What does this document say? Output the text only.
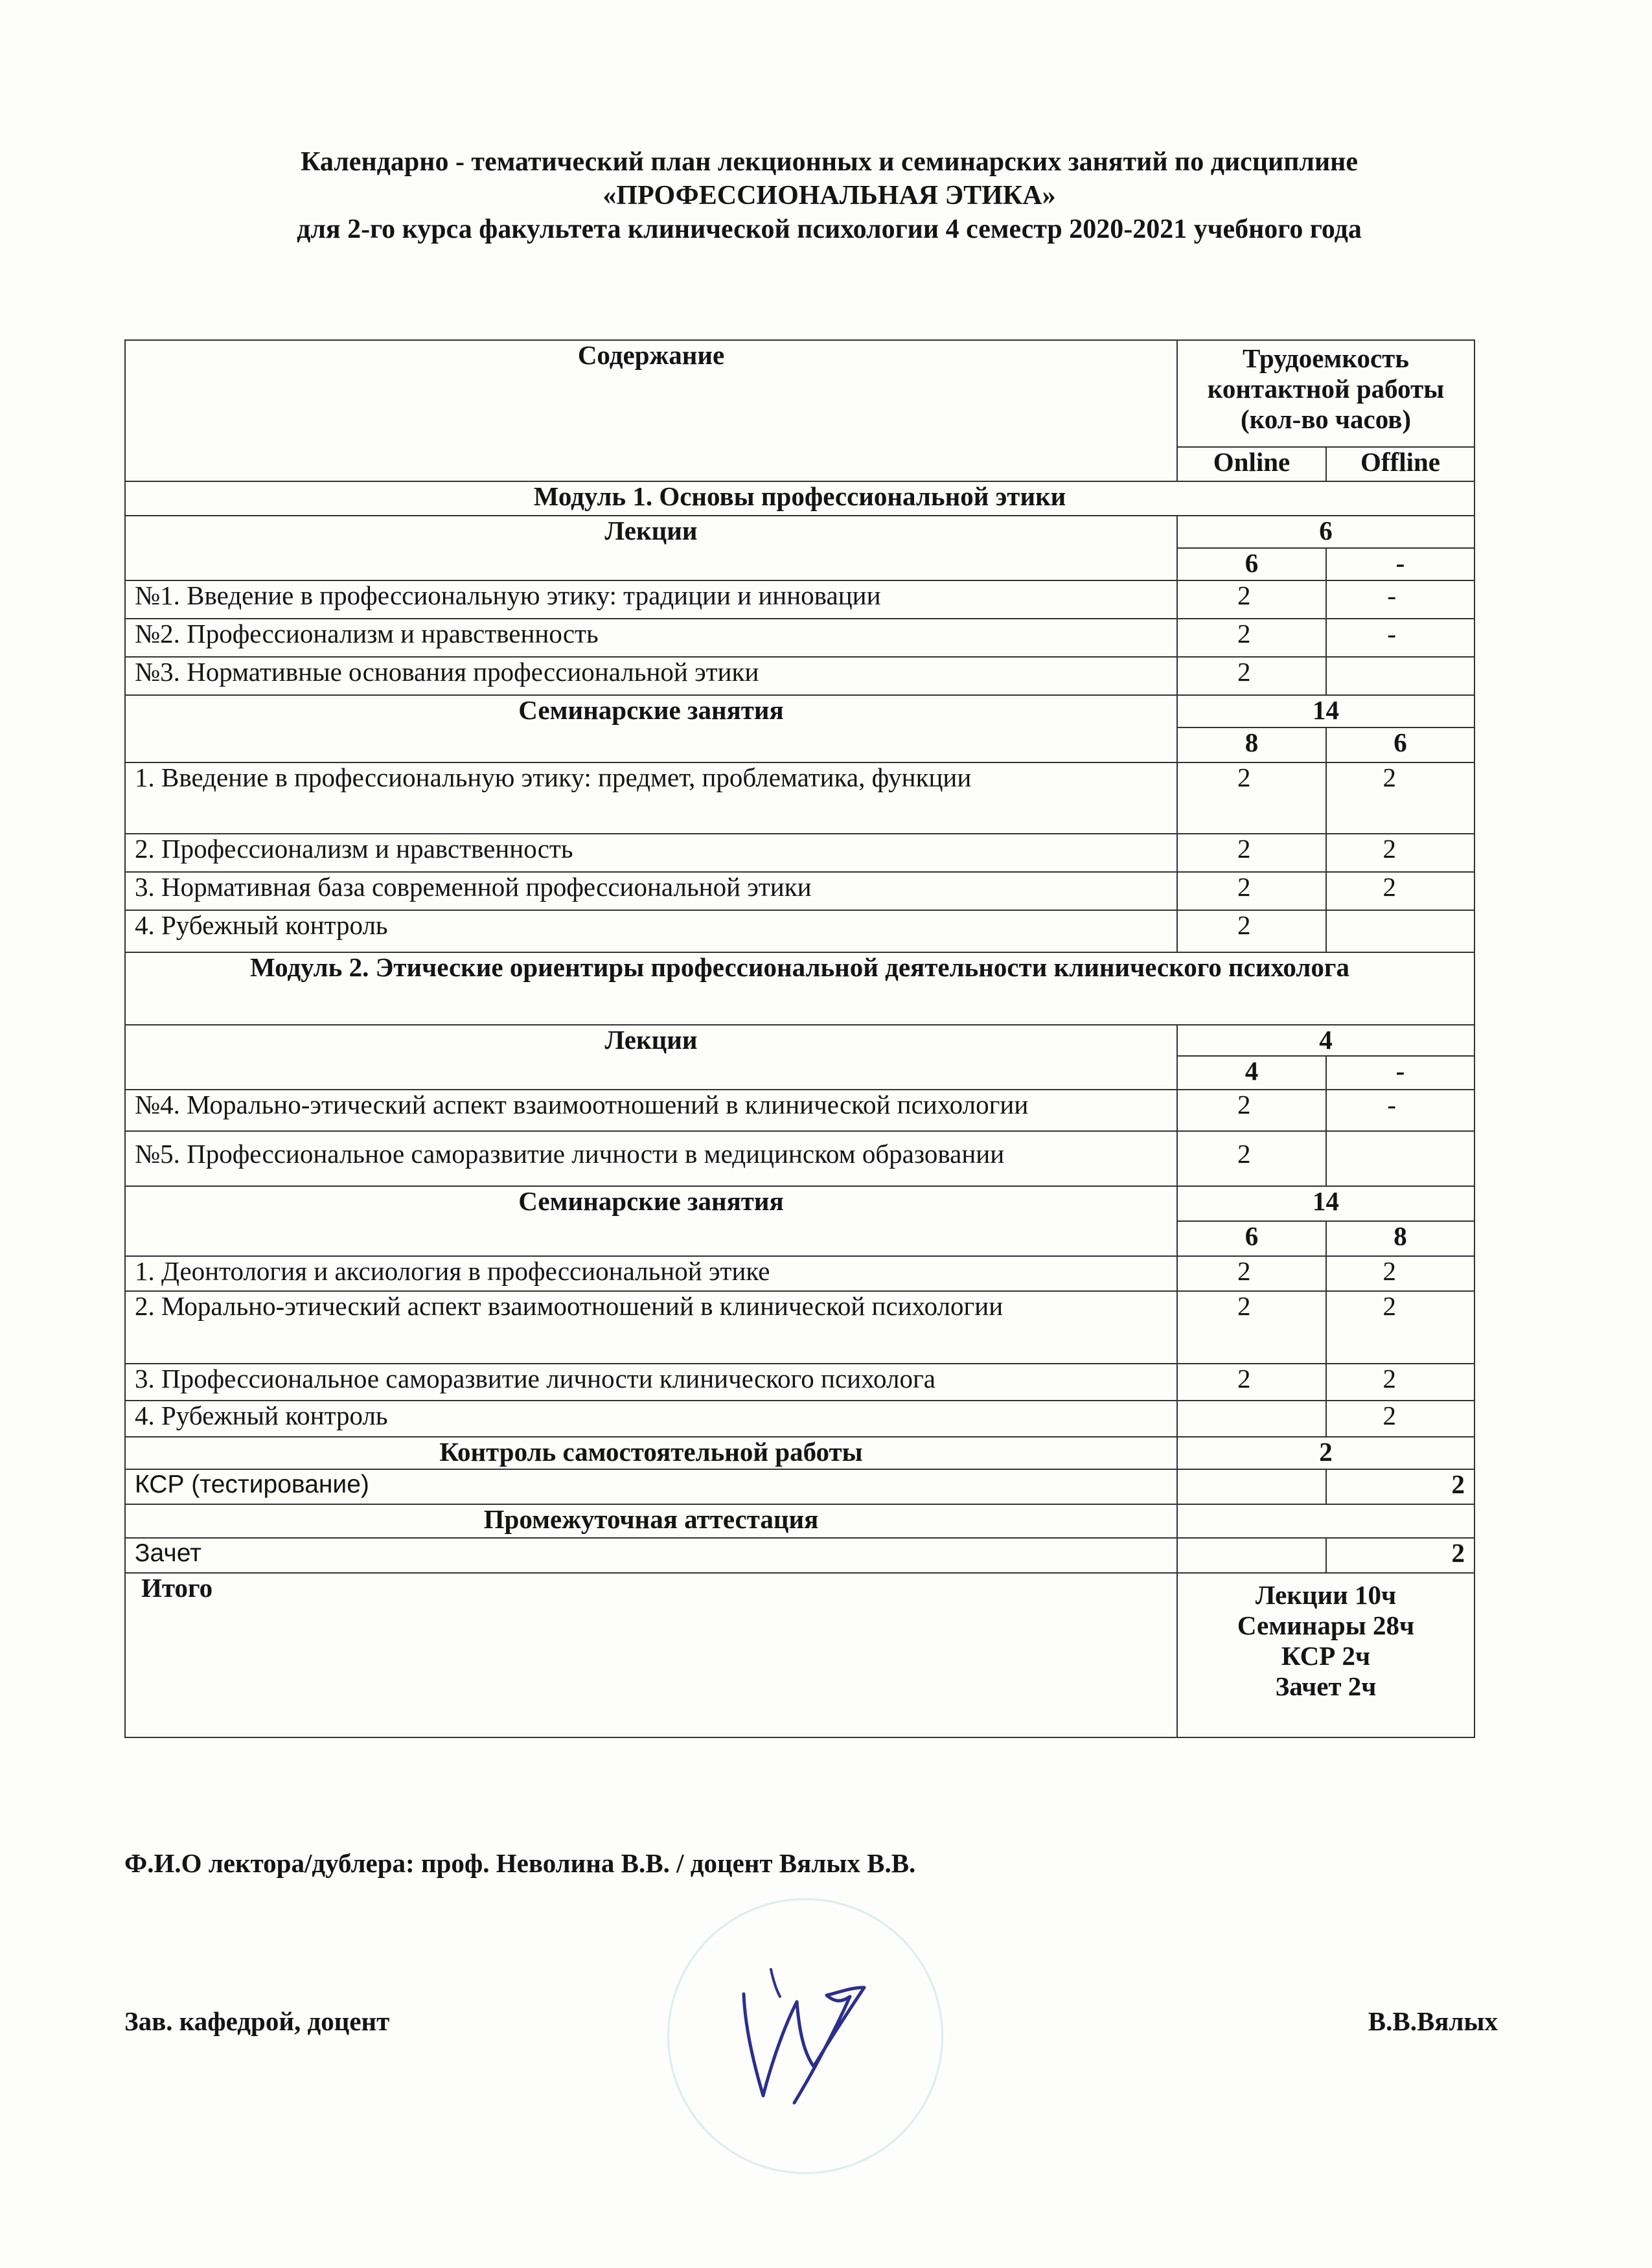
Календарно - тематический план лекционных и семинарских занятий по дисциплине
«ПРОФЕССИОНАЛЬНАЯ ЭТИКА»
для 2-го курса факультета клинической психологии 4 семестр 2020-2021 учебного года
Содержание	Трудоемкость контактной работы (кол-во часов)	
	Online	Offline
Модуль 1. Основы профессиональной этики		
Лекции	6	
	6	-
№1. Введение в профессиональную этику: традиции и инновации	2	-
№2. Профессионализм и нравственность	2	-
№3. Нормативные основания профессиональной этики	2	
Семинарские занятия	14	
	8	6
1. Введение в профессиональную этику: предмет, проблематика, функции	2	2
2. Профессионализм и нравственность	2	2
3. Нормативная база современной профессиональной этики	2	2
4. Рубежный контроль	2	
Модуль 2. Этические ориентиры профессиональной деятельности клинического психолога		
Лекции	4	
	4	-
№4. Морально-этический аспект взаимоотношений в клинической психологии	2	-
№5. Профессиональное саморазвитие личности в медицинском образовании	2	
Семинарские занятия	14	
	6	8
1. Деонтология и аксиология в профессиональной этике	2	2
2. Морально-этический аспект взаимоотношений в клинической психологии	2	2
3. Профессиональное саморазвитие личности клинического психолога	2	2
4. Рубежный контроль		2
Контроль самостоятельной работы	2	
КСР (тестирование)		2
Промежуточная аттестация		
Зачет		2
Итого	Лекции 10ч
Семинары 28ч
КСР 2ч
Зачет 2ч	
Ф.И.О лектора/дублера: проф. Неволина В.В. / доцент Вялых В.В.
Зав. кафедрой, доцент	В.В.Вялых
